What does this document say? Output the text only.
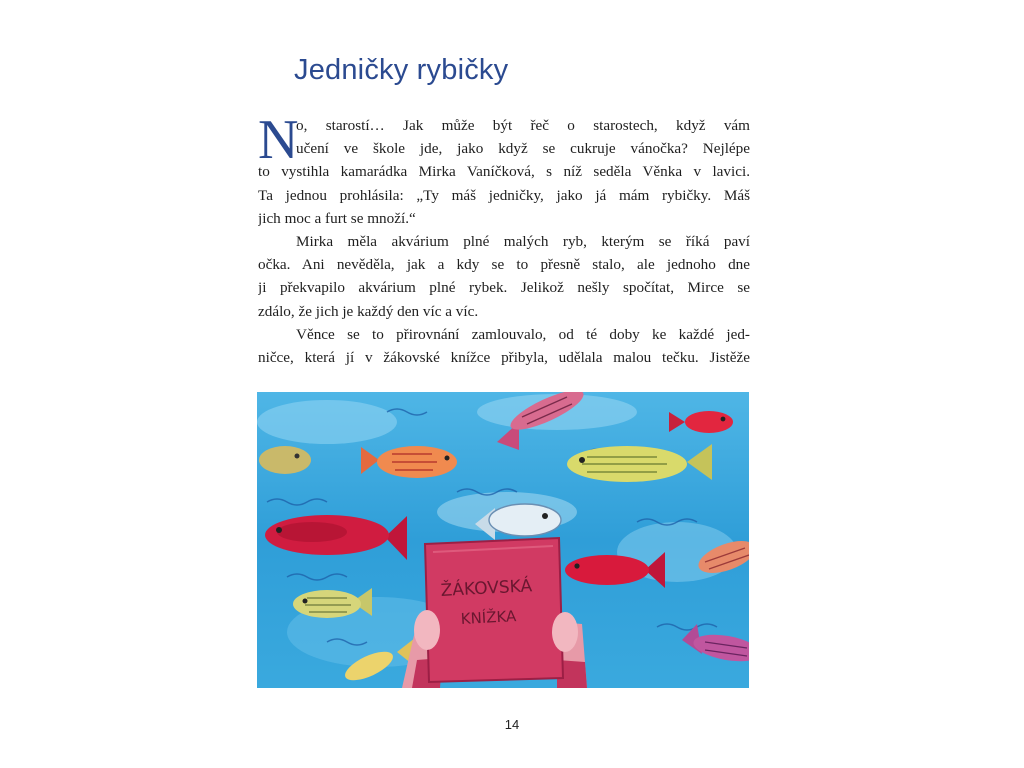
Jedničky rybičky
N
o, starostí… Jak může být řeč o starostech, když vám
učení ve škole jde, jako když se cukruje vánočka? Nejlépe
to vystihla kamarádka Mirka Vaníčková, s níž seděla Věnka v lavici.
Ta jednou prohlásila: „Ty máš jedničky, jako já mám rybičky. Máš
jich moc a furt se množí.“
Mirka měla akvárium plné malých ryb, kterým se říká paví
očka. Ani nevěděla, jak a kdy se to přesně stalo, ale jednoho dne
ji překvapilo akvárium plné rybek. Jelikož nešly spočítat, Mirce se
zdálo, že jich je každý den víc a víc.
Věnce se to přirovnání zamlouvalo, od té doby ke každé jed-
ničce, která jí v žákovské knížce přibyla, udělala malou tečku. Jistěže
ŽÁKOVSKÁ
KNÍŽKA
14
